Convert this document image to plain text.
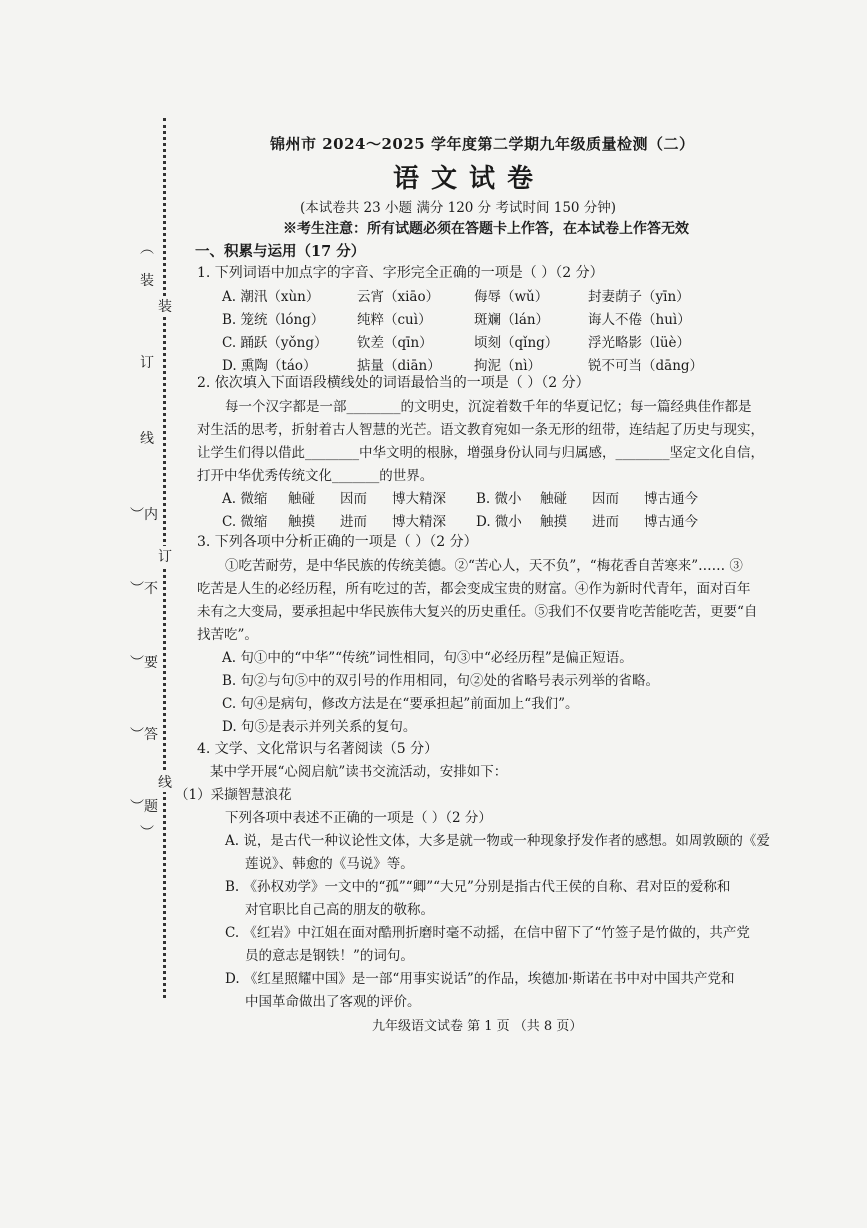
︵
装
订
线
︶内
︶不
︶要
︶答
︶题
︶
装
订
线
锦州市 2024～2025 学年度第二学期九年级质量检测（二）
语文试卷
(本试卷共 23 小题 满分 120 分 考试时间 150 分钟)
※考生注意：所有试题必须在答题卡上作答，在本试卷上作答无效
一、积累与运用（17 分）
1. 下列词语中加点字的字音、字形完全正确的一项是（ ）（2 分）
A. 潮汛（xùn）	云宵（xiāo）	侮辱（wǔ）	封妻荫子（yīn）
B. 笼统（lóng） 纯粹（cuì）	斑斓（lán）	诲人不倦（huì）
C. 踊跃（yǒng） 钦差（qīn）	顷刻（qǐng） 浮光略影（lüè）
D. 熏陶（táo）	掂量（diān） 拘泥（nì）	锐不可当（dāng）
2. 依次填入下面语段横线处的词语最恰当的一项是（ ）（2 分）
每一个汉字都是一部________的文明史，沉淀着数千年的华夏记忆；每一篇经典佳作都是
对生活的思考，折射着古人智慧的光芒。语文教育宛如一条无形的纽带，连结起了历史与现实，
让学生们得以借此________中华文明的根脉，增强身份认同与归属感，________坚定文化自信，
打开中华优秀传统文化_______的世界。
A. 微缩 触碰 因而 博大精深 B. 微小 触碰 因而 博古通今
C. 微缩 触摸 进而 博大精深 D. 微小 触摸 进而 博古通今
3. 下列各项中分析正确的一项是（ ）（2 分）
①吃苦耐劳，是中华民族的传统美德。②“苦心人，天不负”，“梅花香自苦寒来”…… ③
吃苦是人生的必经历程，所有吃过的苦，都会变成宝贵的财富。④作为新时代青年，面对百年
未有之大变局，要承担起中华民族伟大复兴的历史重任。⑤我们不仅要肯吃苦能吃苦，更要“自
找苦吃”。
A. 句①中的“中华”“传统”词性相同，句③中“必经历程”是偏正短语。
B. 句②与句⑤中的双引号的作用相同，句②处的省略号表示列举的省略。
C. 句④是病句，修改方法是在“要承担起”前面加上“我们”。
D. 句⑤是表示并列关系的复句。
4. 文学、文化常识与名著阅读（5 分）
某中学开展“心阅启航”读书交流活动，安排如下：
（1）采撷智慧浪花
下列各项中表述不正确的一项是（ ）（2 分）
A. 说，是古代一种议论性文体，大多是就一物或一种现象抒发作者的感想。如周敦颐的《爱
莲说》、韩愈的《马说》等。
B. 《孙权劝学》一文中的“孤”“卿”“大兄”分别是指古代王侯的自称、君对臣的爱称和
对官职比自己高的朋友的敬称。
C. 《红岩》中江姐在面对酷刑折磨时毫不动摇，在信中留下了“竹签子是竹做的，共产党
员的意志是钢铁！”的词句。
D. 《红星照耀中国》是一部“用事实说话”的作品，埃德加·斯诺在书中对中国共产党和
中国革命做出了客观的评价。
九年级语文试卷 第 1 页 （共 8 页）
